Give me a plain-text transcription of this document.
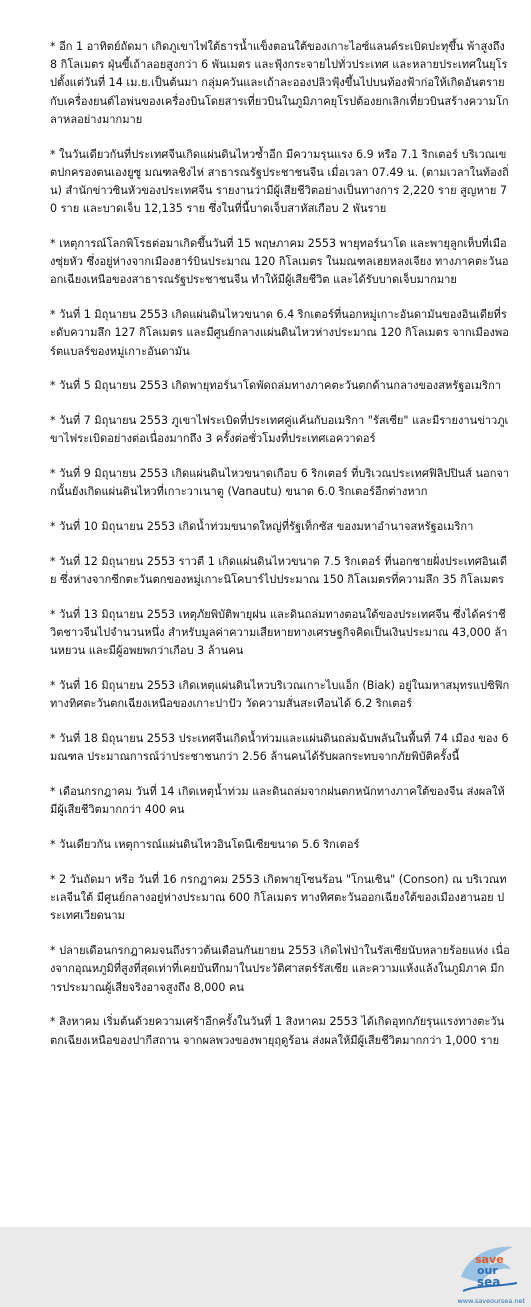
* อีก 1 อาทิตย์ถัดมา เกิดภูเขาไฟใต้ธารน้ำแข็งตอนใต้ของเกาะไอซ์แลนด์ระเบิดปะทุขึ้น พ้าสูงถึง 8 กิโลเมตร ฝุ่นขี้เถ้าลอยสูงกว่า 6 พันเมตร และฟุ้งกระจายไปทั่วประเทศ และหลายประเทศในยุโรปตั้งแต่วันที่ 14 เม.ย.เป็นต้นมา กลุ่มควันและเถ้าละอองปลิวฟุ้งขึ้นไปบนท้องฟ้าก่อให้เกิดอันตรายกับเครื่องยนต์ไอพ่นของเครื่องบินโดยสารเที่ยวบินในภูมิภาคยุโรปต้องยกเลิกเที่ยวบินสร้างความโกลาหลอย่างมากมาย

* ในวันเดียวกันที่ประเทศจีนเกิดแผ่นดินไหวซ้ำอีก มีความรุนแรง 6.9 หรือ 7.1 ริกเตอร์ บริเวณเขตปกครองตนเองยูซู มณฑลชิงไห่ สาธารณรัฐประชาชนจีน เมื่อเวลา 07.49 น. (ตามเวลาในท้องถิ่น) สำนักข่าวซินหัวของประเทศจีน รายงานว่ามีผู้เสียชีวิตอย่างเป็นทางการ 2,220 ราย สูญหาย 70 ราย และบาดเจ็บ 12,135 ราย ซึ่งในที่นี้บาดเจ็บสาหัสเกือบ 2 พันราย

* เหตุการณ์โลกพิโรธต่อมาเกิดขึ้นวันที่ 15 พฤษภาคม 2553 พายุทอร์นาโด และพายุลูกเห็บที่เมืองซุ่ยหัว ซึ่งอยู่ห่างจากเมืองฮาร์บินประมาณ 120 กิโลเมตร ในมณฑลเฮยหลงเจียง ทางภาคตะวันออกเฉียงเหนือของสาธารณรัฐประชาชนจีน ทำให้มีผู้เสียชีวิต และได้รับบาดเจ็บมากมาย

* วันที่ 1 มิถุนายน 2553 เกิดแผ่นดินไหวขนาด 6.4 ริกเตอร์ที่นอกหมู่เกาะอันดามันของอินเดียที่ระดับความลึก 127 กิโลเมตร และมีศูนย์กลางแผ่นดินไหวห่างประมาณ 120 กิโลเมตร จากเมืองพอร์ตแบลร์ของหมู่เกาะอันดามัน

* วันที่ 5 มิถุนายน 2553 เกิดพายุทอร์นาโดพัดถล่มทางภาคตะวันตกด้านกลางของสหรัฐอเมริกา

* วันที่ 7 มิถุนายน 2553 ภูเขาไฟระเบิดที่ประเทศคู่แค้นกับอเมริกา "รัสเซีย" และมีรายงานข่าวภูเขาไฟระเบิดอย่างต่อเนื่องมากถึง 3 ครั้งต่อชั่วโมงที่ประเทศเอควาดอร์

* วันที่ 9 มิถุนายน 2553 เกิดแผ่นดินไหวขนาดเกือบ 6 ริกเตอร์ ที่บริเวณประเทศฟิลิปปินส์ นอกจากนั้นยังเกิดแผ่นดินไหวที่เกาะวาเนาตู (Vanautu) ขนาด 6.0 ริกเตอร์อีกต่างหาก

* วันที่ 10 มิถุนายน 2553 เกิดน้ำท่วมขนาดใหญ่ที่รัฐเท็กซัส ของมหาอำนาจสหรัฐอเมริกา

* วันที่ 12 มิถุนายน 2553 ราวตี 1 เกิดแผ่นดินไหวขนาด 7.5 ริกเตอร์ ที่นอกชายฝั่งประเทศอินเดีย ซึ่งห่างจากซีกตะวันตกของหมู่เกาะนิโคบาร์ไปประมาณ 150 กิโลเมตรที่ความลึก 35 กิโลเมตร

* วันที่ 13 มิถุนายน 2553 เหตุภัยพิบัติพายุฝน และดินถล่มทางตอนใต้ของประเทศจีน ซึ่งได้คร่าชีวิตชาวจีนไปจำนวนหนึ่ง สำหรับมูลค่าความเสียหายทางเศรษฐกิจคิดเป็นเงินประมาณ 43,000 ล้านหยวน และมีผู้อพยพกว่าเกือบ 3 ล้านคน

* วันที่ 16 มิถุนายน 2553 เกิดเหตุแผ่นดินไหวบริเวณเกาะไบแอ็ก (Biak) อยู่ในมหาสมุทรแปซิฟิกทางทิศตะวันตกเฉียงเหนือของเกาะปาปัว วัดความสั่นสะเทือนได้ 6.2 ริกเตอร์

* วันที่ 18 มิถุนายน 2553 ประเทศจีนเกิดน้ำท่วมและแผ่นดินถล่มฉับพลันในพื้นที่ 74 เมือง ของ 6 มณฑล ประมาณการณ์ว่าประชาชนกว่า 2.56 ล้านคนได้รับผลกระทบจากภัยพิบัติครั้งนี้

* เดือนกรกฎาคม วันที่ 14 เกิดเหตุน้ำท่วม และดินถล่มจากฝนตกหนักทางภาคใต้ของจีน ส่งผลให้มีผู้เสียชีวิตมากกว่า 400 คน

* วันเดียวกัน เหตุการณ์แผ่นดินไหวอินโดนีเซียขนาด 5.6 ริกเตอร์

* 2 วันถัดมา หรือ วันที่ 16 กรกฎาคม 2553 เกิดพายุโซนร้อน "โกนเซิน" (Conson) ณ บริเวณทะเลจีนใต้ มีศูนย์กลางอยู่ห่างประมาณ 600 กิโลเมตร ทางทิศตะวันออกเฉียงใต้ของเมืองฮานอย ประเทศเวียดนาม

* ปลายเดือนกรกฎาคมจนถึงราวต้นเดือนกันยายน 2553 เกิดไฟป่าในรัสเซียนับหลายร้อยแห่ง เนื่องจากอุณหภูมิที่สูงที่สุดเท่าที่เคยบันทึกมาในประวัติศาสตร์รัสเซีย และความแห้งแล้งในภูมิภาค มีการประมาณผู้เสียจริงอาจสูงถึง 8,000 คน

* สิงหาคม เริ่มต้นด้วยความเศร้าอีกครั้งในวันที่ 1 สิงหาคม 2553 ได้เกิดอุทกภัยรุนแรงทางตะวันตกเฉียงเหนือของปากีสถาน จากผลพวงของพายุฤดูร้อน ส่งผลให้มีผู้เสียชีวิตมากกว่า 1,000 ราย

save
our
sea
www.saveoursea.net
